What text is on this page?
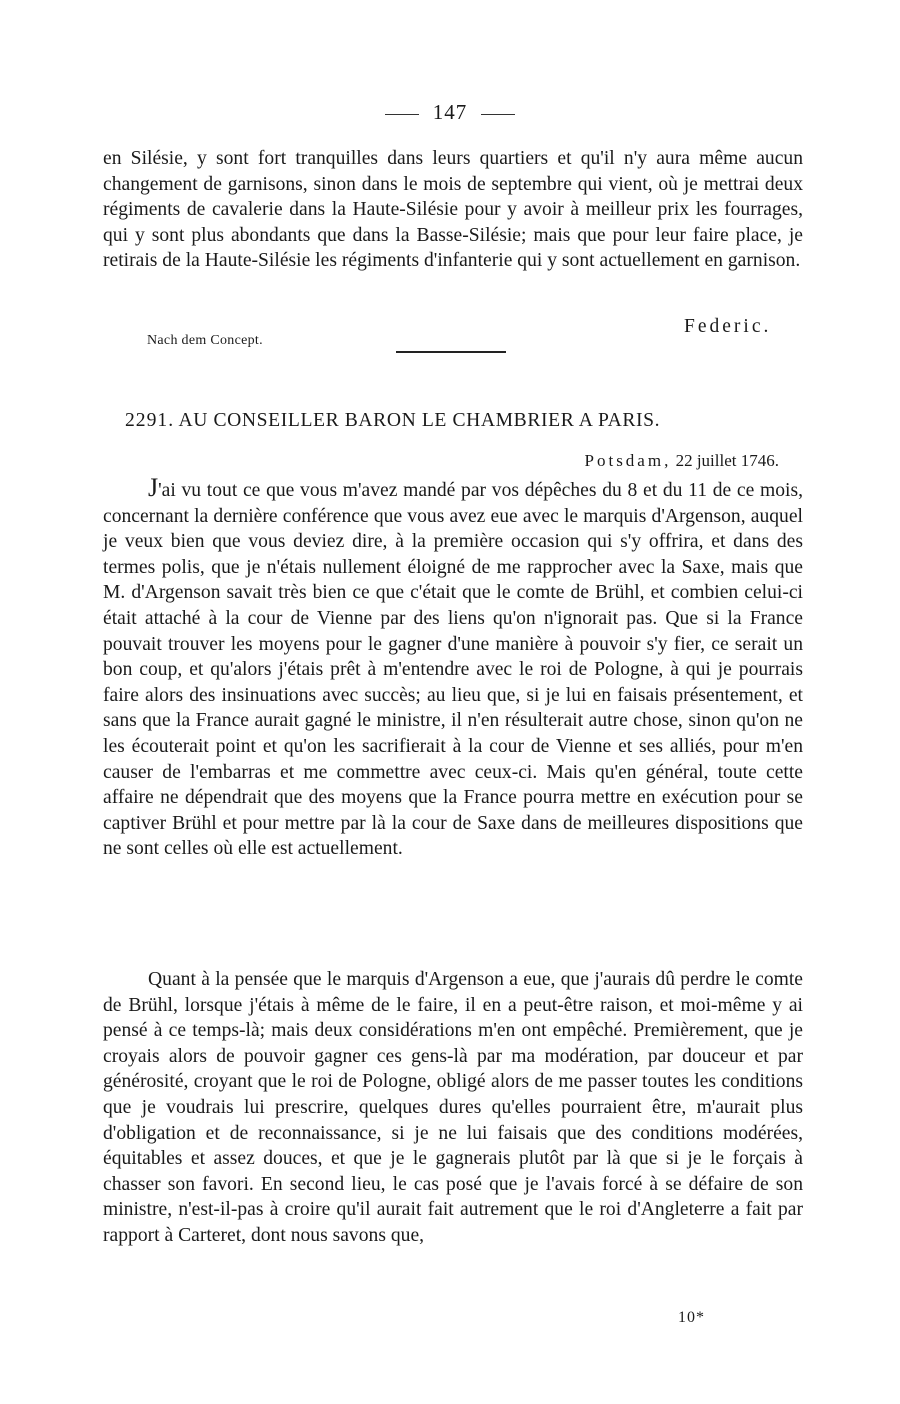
147

en Silésie, y sont fort tranquilles dans leurs quartiers et qu'il n'y aura même aucun changement de garnisons, sinon dans le mois de septembre qui vient, où je mettrai deux régiments de cavalerie dans la Haute-Silésie pour y avoir à meilleur prix les fourrages, qui y sont plus abondants que dans la Basse-Silésie; mais que pour leur faire place, je retirais de la Haute-Silésie les régiments d'infanterie qui y sont actuellement en garnison.

Federic.
Nach dem Concept.
2291. AU CONSEILLER BARON LE CHAMBRIER A PARIS.
Potsdam, 22 juillet 1746.

J'ai vu tout ce que vous m'avez mandé par vos dépêches du 8 et du 11 de ce mois, concernant la dernière conférence que vous avez eue avec le marquis d'Argenson, auquel je veux bien que vous deviez dire, à la première occasion qui s'y offrira, et dans des termes polis, que je n'étais nullement éloigné de me rapprocher avec la Saxe, mais que M. d'Argenson savait très bien ce que c'était que le comte de Brühl, et combien celui-ci était attaché à la cour de Vienne par des liens qu'on n'ignorait pas. Que si la France pouvait trouver les moyens pour le gagner d'une manière à pouvoir s'y fier, ce serait un bon coup, et qu'alors j'étais prêt à m'entendre avec le roi de Pologne, à qui je pourrais faire alors des insinuations avec succès; au lieu que, si je lui en faisais présentement, et sans que la France aurait gagné le ministre, il n'en résulterait autre chose, sinon qu'on ne les écouterait point et qu'on les sacrifierait à la cour de Vienne et ses alliés, pour m'en causer de l'embarras et me commettre avec ceux-ci. Mais qu'en général, toute cette affaire ne dépendrait que des moyens que la France pourra mettre en exécution pour se captiver Brühl et pour mettre par là la cour de Saxe dans de meilleures dispositions que ne sont celles où elle est actuellement.

Quant à la pensée que le marquis d'Argenson a eue, que j'aurais dû perdre le comte de Brühl, lorsque j'étais à même de le faire, il en a peut-être raison, et moi-même y ai pensé à ce temps-là; mais deux considérations m'en ont empêché. Premièrement, que je croyais alors de pouvoir gagner ces gens-là par ma modération, par douceur et par générosité, croyant que le roi de Pologne, obligé alors de me passer toutes les conditions que je voudrais lui prescrire, quelques dures qu'elles pourraient être, m'aurait plus d'obligation et de reconnaissance, si je ne lui faisais que des conditions modérées, équitables et assez douces, et que je le gagnerais plutôt par là que si je le forçais à chasser son favori. En second lieu, le cas posé que je l'avais forcé à se défaire de son ministre, n'est-il-pas à croire qu'il aurait fait autrement que le roi d'Angleterre a fait par rapport à Carteret, dont nous savons que,

10*
